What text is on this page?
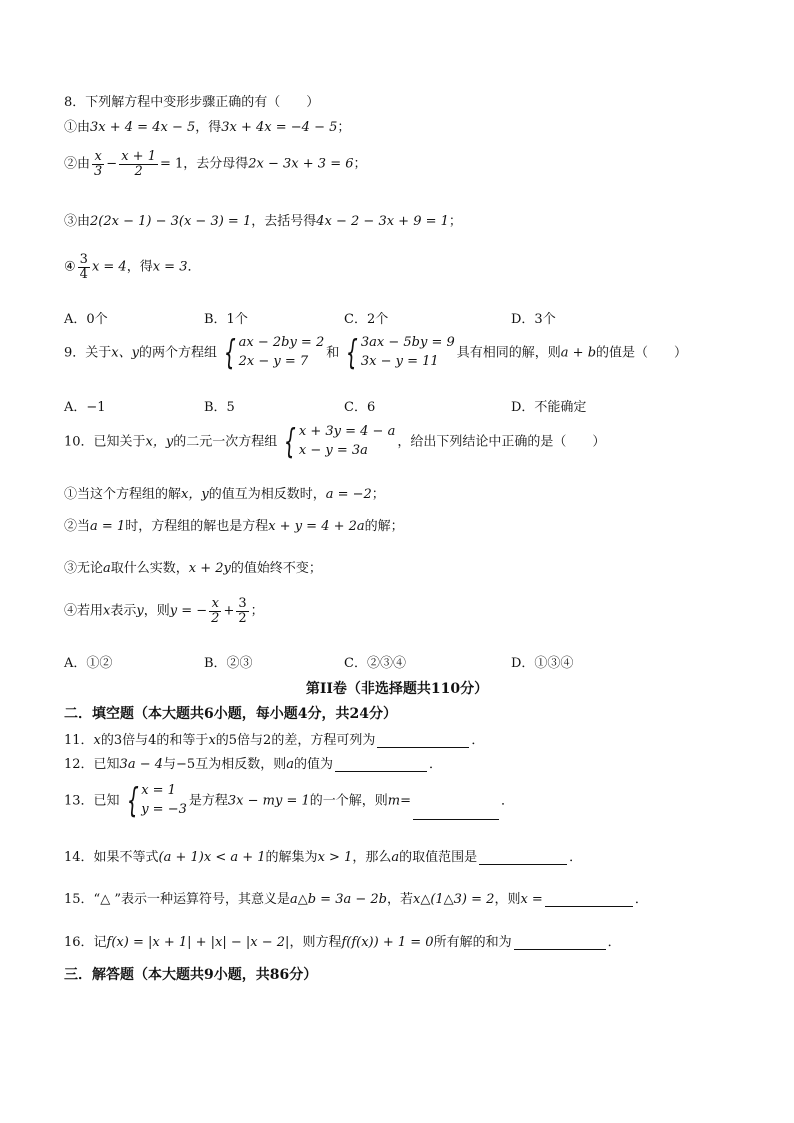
8．下列解方程中变形步骤正确的有（　　）
①由3x + 4 = 4x − 5，得3x + 4x = −4 − 5；
②由 $\frac{x}{3} - \frac{x + 1}{2} = 1$，去分母得2x − 3x + 3 = 6；
③由2(2x − 1) − 3(x − 3) = 1，去括号得4x − 2 − 3x + 9 = 1；
④ $\frac{3}{4}$ x = 4，得x = 3．
A．0个	B．1个	C．2个	D．3个
9．关于x、y的两个方程组 { ax − 2by = 2
2x − y = 7
和 { 3ax − 5by = 9
3x − y = 11
具有相同的解，则a + b的值是（　　）
A．−1	B．5	C．6	D．不能确定
10．已知关于x，y的二元一次方程组 { x + 3y = 4 − a
x − y = 3a
，给出下列结论中正确的是（　　）
①当这个方程组的解x，y的值互为相反数时，a = −2；
②当a = 1时，方程组的解也是方程x + y = 4 + 2a的解；
③无论a取什么实数，x + 2y的值始终不变；
④若用x表示y，则y = − $\frac{x}{2} + \frac{3}{2}$ ；
A．①②	B．②③	C．②③④	D．①③④
第II卷（非选择题共110分）
二．填空题（本大题共6小题，每小题4分，共24分）
11．x的3倍与4的和等于x的5倍与2的差，方程可列为	．
12．已知3a − 4与−5互为相反数，则a的值为	．
13．已知 { x = 1
y = −3
是方程3x − my = 1的一个解，则m=	．
14．如果不等式(a + 1)x < a + 1的解集为x > 1，那么a的取值范围是	．
15．“△ ”表示一种运算符号，其意义是a△b = 3a − 2b，若x△(1△3) = 2，则x =	．
16．记f(x) = |x + 1| + |x| − |x − 2|，则方程f(f(x)) + 1 = 0所有解的和为	．
三．解答题（本大题共9小题，共86分）
